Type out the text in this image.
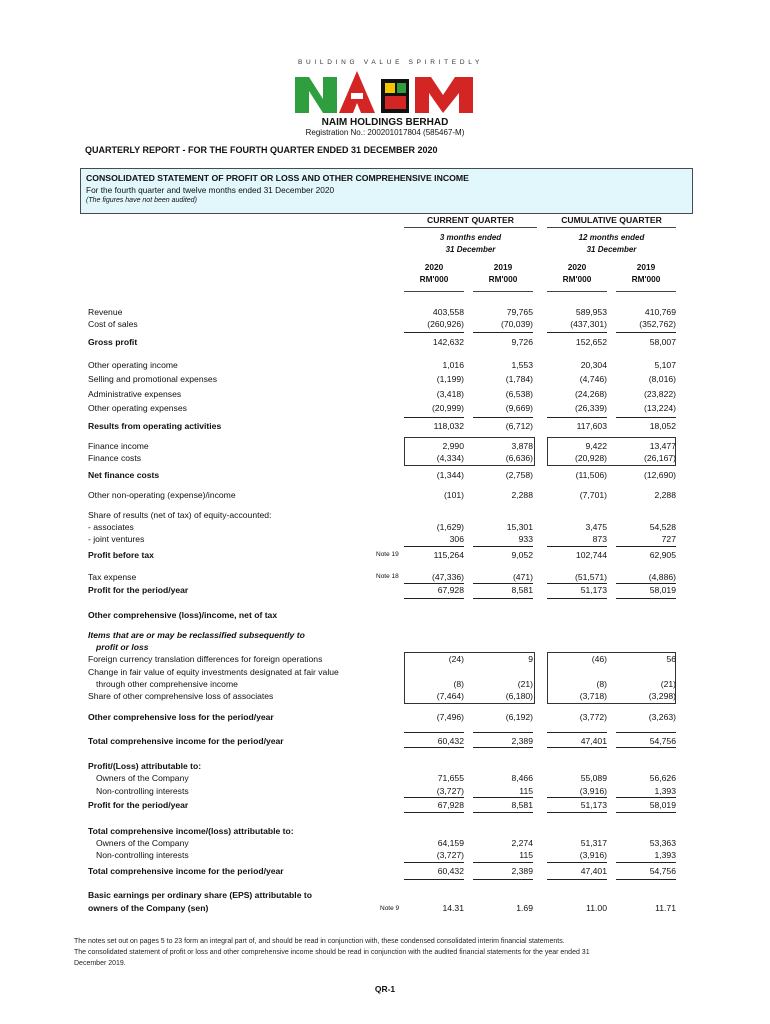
BUILDING VALUE SPIRITEDLY
NAIM HOLDINGS BERHAD
Registration No.: 200201017804 (585467-M)
QUARTERLY REPORT - FOR THE FOURTH QUARTER ENDED 31 DECEMBER 2020
CONSOLIDATED STATEMENT OF PROFIT OR LOSS AND OTHER COMPREHENSIVE INCOME
For the fourth quarter and twelve months ended 31 December 2020
(The figures have not been audited)
CURRENT QUARTER
3 months ended
31 December
CUMULATIVE QUARTER
12 months ended
31 December
2020
RM'000
2019
RM'000
2020
RM'000
2019
RM'000
Revenue	403,558	79,765	589,953	410,769
Cost of sales	(260,926)	(70,039)	(437,301)	(352,762)
Gross profit	142,632	9,726	152,652	58,007
Other operating income	1,016	1,553	20,304	5,107
Selling and promotional expenses	(1,199)	(1,784)	(4,746)	(8,016)
Administrative expenses	(3,418)	(6,538)	(24,268)	(23,822)
Other operating expenses	(20,999)	(9,669)	(26,339)	(13,224)
Results from operating activities	118,032	(6,712)	117,603	18,052
Finance income	2,990	3,878	9,422	13,477
Finance costs	(4,334)	(6,636)	(20,928)	(26,167)
Net finance costs	(1,344)	(2,758)	(11,506)	(12,690)
Other non-operating (expense)/income	(101)	2,288	(7,701)	2,288
Share of results (net of tax) of equity-accounted:
- associates	(1,629)	15,301	3,475	54,528
- joint ventures	306	933	873	727
Profit before tax	Note 19	115,264	9,052	102,744	62,905
Tax expense	Note 18	(47,336)	(471)	(51,571)	(4,886)
Profit for the period/year	67,928	8,581	51,173	58,019
Other comprehensive (loss)/income, net of tax
Items that are or may be reclassified subsequently to
profit or loss
Foreign currency translation differences for foreign operations	(24)	9	(46)	56
Change in fair value of equity investments designated at fair value
through other comprehensive income	(8)	(21)	(8)	(21)
Share of other comprehensive loss of associates	(7,464)	(6,180)	(3,718)	(3,298)
Other comprehensive loss for the period/year	(7,496)	(6,192)	(3,772)	(3,263)
Total comprehensive income for the period/year	60,432	2,389	47,401	54,756
Profit/(Loss) attributable to:
Owners of the Company	71,655	8,466	55,089	56,626
Non-controlling interests	(3,727)	115	(3,916)	1,393
Profit for the period/year	67,928	8,581	51,173	58,019
Total comprehensive income/(loss) attributable to:
Owners of the Company	64,159	2,274	51,317	53,363
Non-controlling interests	(3,727)	115	(3,916)	1,393
Total comprehensive income for the period/year	60,432	2,389	47,401	54,756
Basic earnings per ordinary share (EPS) attributable to
owners of the Company (sen)	Note 9	14.31	1.69	11.00	11.71
The notes set out on pages 5 to 23 form an integral part of, and should be read in conjunction with, these condensed consolidated interim financial statements.
The consolidated statement of profit or loss and other comprehensive income should be read in conjunction with the audited financial statements for the year ended 31
December 2019.
QR-1
